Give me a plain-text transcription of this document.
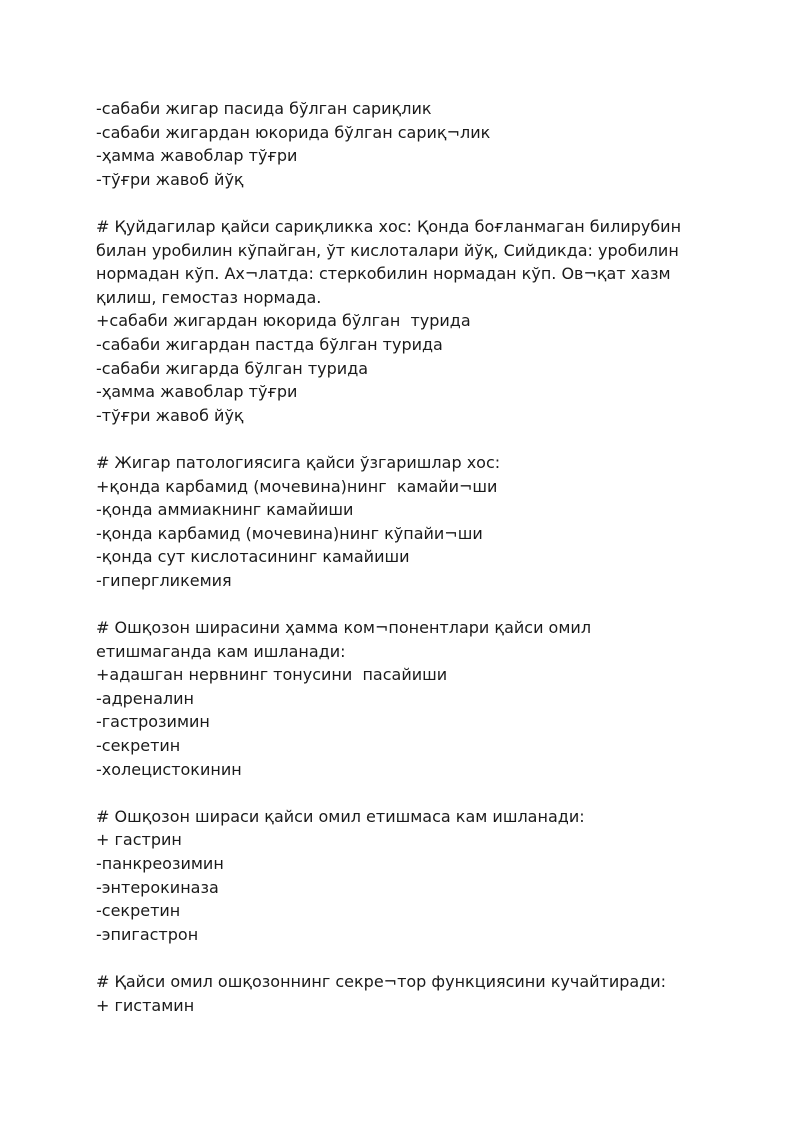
-сабаби жигар пасида бўлган сариқлик
-сабаби жигардан юкорида бўлган сариқ¬лик
-ҳамма жавоблар тўғри
-тўғри жавоб йўқ
# Қуйдагилар қайси сариқликка хос: Қонда боғланмаган билирубин
билан уробилин кўпайган, ўт кислоталари йўқ, Сийдикда: уробилин
нормадан кўп. Ах¬латда: стеркобилин нормадан кўп. Ов¬қат хазм
қилиш, гемостаз нормада.
+сабаби жигардан юкорида бўлган  турида
-сабаби жигардан пастда бўлган турида
-сабаби жигарда бўлган турида
-ҳамма жавоблар тўғри
-тўғри жавоб йўқ
# Жигар патологиясига қайси ўзгаришлар хос:
+қонда карбамид (мочевина)нинг  камайи¬ши
-қонда аммиакнинг камайиши
-қонда карбамид (мочевина)нинг кўпайи¬ши
-қонда сут кислотасининг камайиши
-гипергликемия
# Ошқозон ширасини ҳамма ком¬понентлари қайси омил
етишмаганда кам ишланади:
+адашган нервнинг тонусини  пасайиши
-адреналин
-гастрозимин
-секретин
-холецистокинин
# Ошқозон шираси қайси омил етишмаса кам ишланади:
+ гастрин
-панкреозимин
-энтерокиназа
-секретин
-эпигастрон
# Қайси омил ошқозоннинг секре¬тор функциясини кучайтиради:
+ гистамин
